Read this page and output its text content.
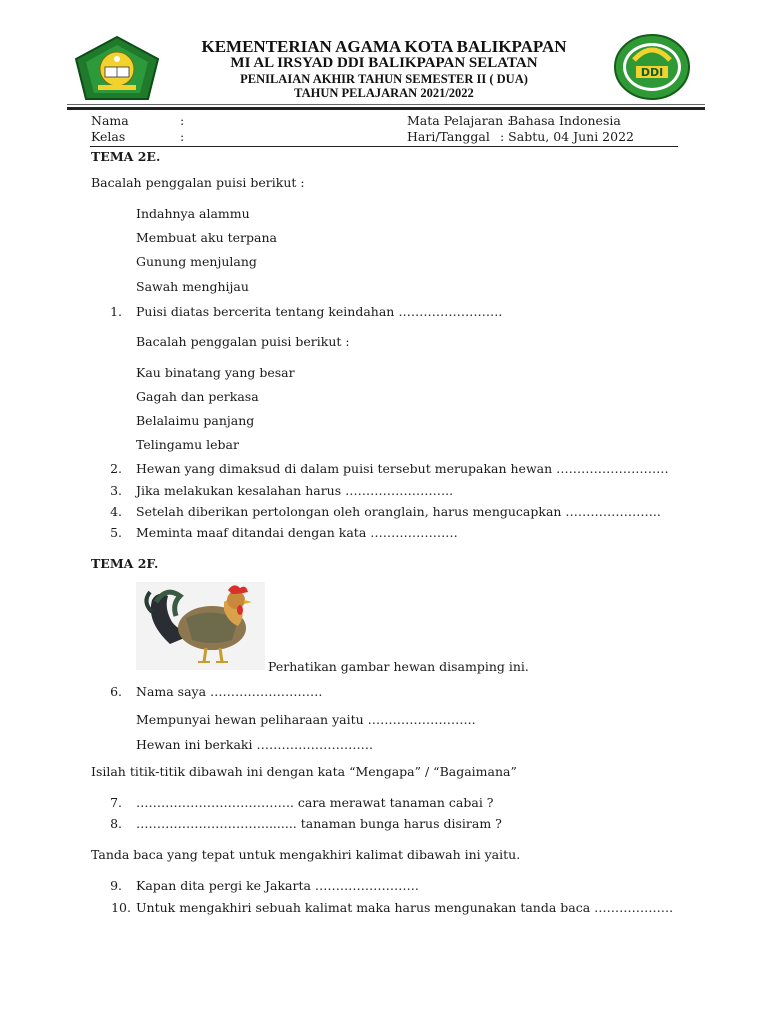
DDI
KEMENTERIAN AGAMA KOTA BALIKPAPAN
MI AL IRSYAD DDI BALIKPAPAN SELATAN
PENILAIAN AKHIR TAHUN SEMESTER II ( DUA)
TAHUN PELAJARAN 2021/2022
Nama	:
Kelas	:
Mata Pelajaran :
Bahasa Indonesia
Hari/Tanggal : Sabtu, 04 Juni 2022
TEMA 2E.
Bacalah penggalan puisi berikut :
Indahnya alammu
Membuat aku terpana
Gunung menjulang
Sawah menghijau
1. Puisi diatas bercerita tentang keindahan …………………….
Bacalah penggalan puisi berikut :
Kau binatang yang besar
Gagah dan perkasa
Belalaimu panjang
Telingamu lebar
2. Hewan yang dimaksud di dalam puisi tersebut merupakan hewan ………………………
3. Jika melakukan kesalahan harus ……………………..
4. Setelah diberikan pertolongan oleh oranglain, harus mengucapkan …………………..
5. Meminta maaf ditandai dengan kata …………………
TEMA 2F.
Perhatikan gambar hewan disamping ini.
6. Nama saya ………………………
Mempunyai hewan peliharaan yaitu ……………………..
Hewan ini berkaki ……………………….
Isilah titik-titik dibawah ini dengan kata “Mengapa” / “Bagaimana”
7. ……………………………….. cara merawat tanaman cabai ?
8. …………………………......... tanaman bunga harus disiram ?
Tanda baca yang tepat untuk mengakhiri kalimat dibawah ini yaitu.
9. Kapan dita pergi ke Jakarta …………………….
10. Untuk mengakhiri sebuah kalimat maka harus mengunakan tanda baca ……………….
